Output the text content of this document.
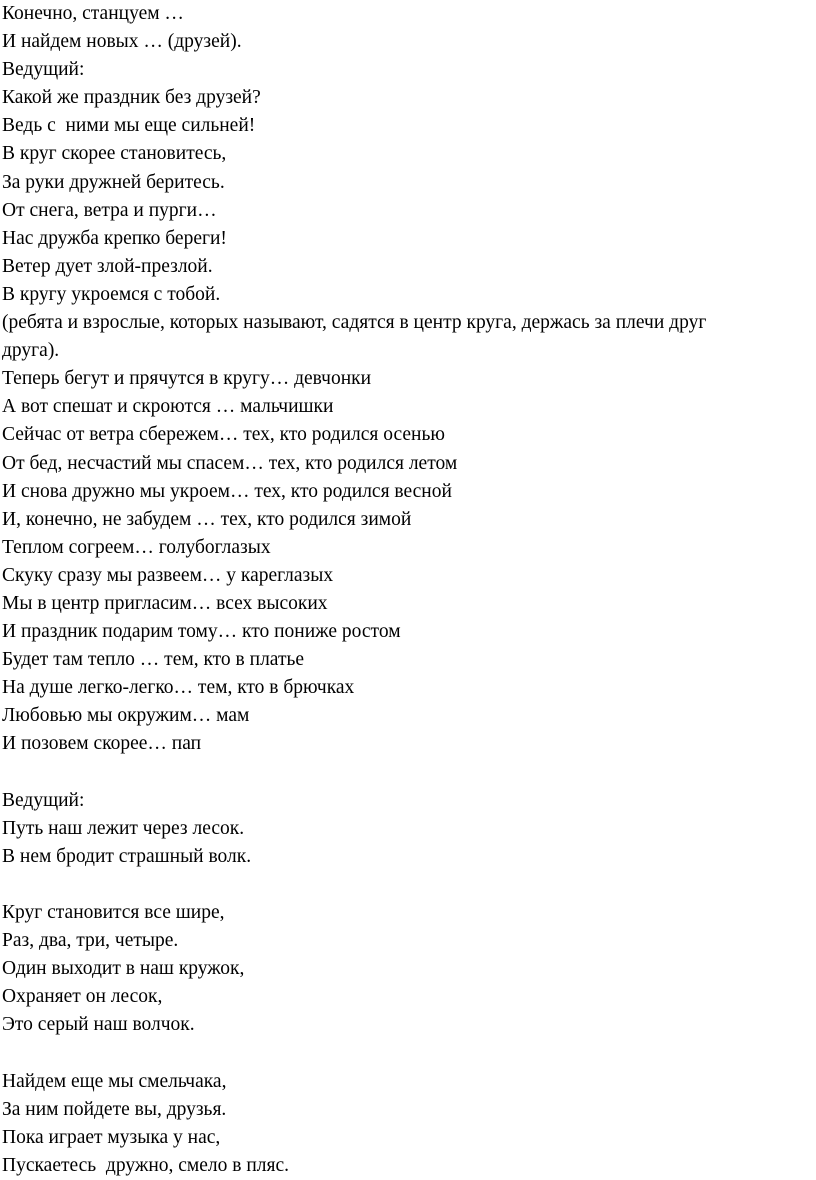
Конечно, станцуем …
И найдем новых … (друзей).
Ведущий:
Какой же праздник без друзей?
Ведь с  ними мы еще сильней!
В круг скорее становитесь,
За руки дружней беритесь.
От снега, ветра и пурги…
Нас дружба крепко береги!
Ветер дует злой-презлой.
В кругу укроемся с тобой.
(ребята и взрослые, которых называют, садятся в центр круга, держась за плечи друг
друга).
Теперь бегут и прячутся в кругу… девчонки
А вот спешат и скроются … мальчишки
Сейчас от ветра сбережем… тех, кто родился осенью
От бед, несчастий мы спасем… тех, кто родился летом
И снова дружно мы укроем… тех, кто родился весной
И, конечно, не забудем … тех, кто родился зимой
Теплом согреем… голубоглазых
Скуку сразу мы развеем… у кареглазых
Мы в центр пригласим… всех высоких
И праздник подарим тому… кто пониже ростом
Будет там тепло … тем, кто в платье
На душе легко-легко… тем, кто в брючках
Любовью мы окружим… мам
И позовем скорее… пап
Ведущий:
Путь наш лежит через лесок.
В нем бродит страшный волк.
Круг становится все шире,
Раз, два, три, четыре.
Один выходит в наш кружок,
Охраняет он лесок,
Это серый наш волчок.
Найдем еще мы смельчака,
За ним пойдете вы, друзья.
Пока играет музыка у нас,
Пускаетесь  дружно, смело в пляс.
